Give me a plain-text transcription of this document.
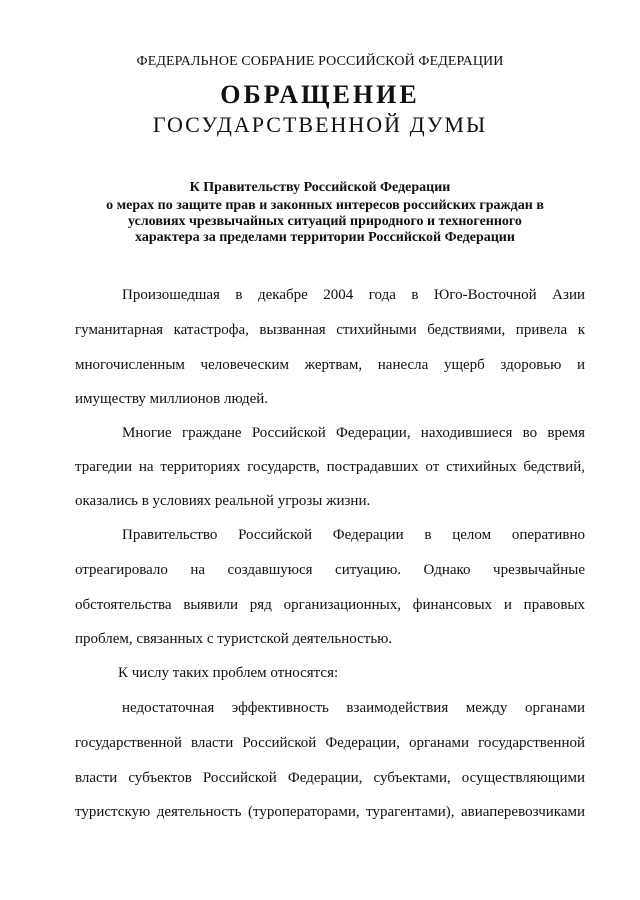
ФЕДЕРАЛЬНОЕ СОБРАНИЕ РОССИЙСКОЙ ФЕДЕРАЦИИ
ОБРАЩЕНИЕ
ГОСУДАРСТВЕННОЙ ДУМЫ
К Правительству Российской Федерации
о мерах по защите прав и законных интересов российских граждан в
условиях чрезвычайных ситуаций природного и техногенного
характера за пределами территории Российской Федерации
Произошедшая в декабре 2004 года в Юго-Восточной Азии
гуманитарная катастрофа, вызванная стихийными бедствиями, привела к
многочисленным человеческим жертвам, нанесла ущерб здоровью и
имуществу миллионов людей.
Многие граждане Российской Федерации, находившиеся во время
трагедии на территориях государств, пострадавших от стихийных бедствий,
оказались в условиях реальной угрозы жизни.
Правительство Российской Федерации в целом оперативно
отреагировало на создавшуюся ситуацию. Однако чрезвычайные
обстоятельства выявили ряд организационных, финансовых и правовых
проблем, связанных с туристской деятельностью.
К числу таких проблем относятся:
недостаточная эффективность взаимодействия между органами
государственной власти Российской Федерации, органами государственной
власти субъектов Российской Федерации, субъектами, осуществляющими
туристскую деятельность (туроператорами, турагентами), авиаперевозчиками
